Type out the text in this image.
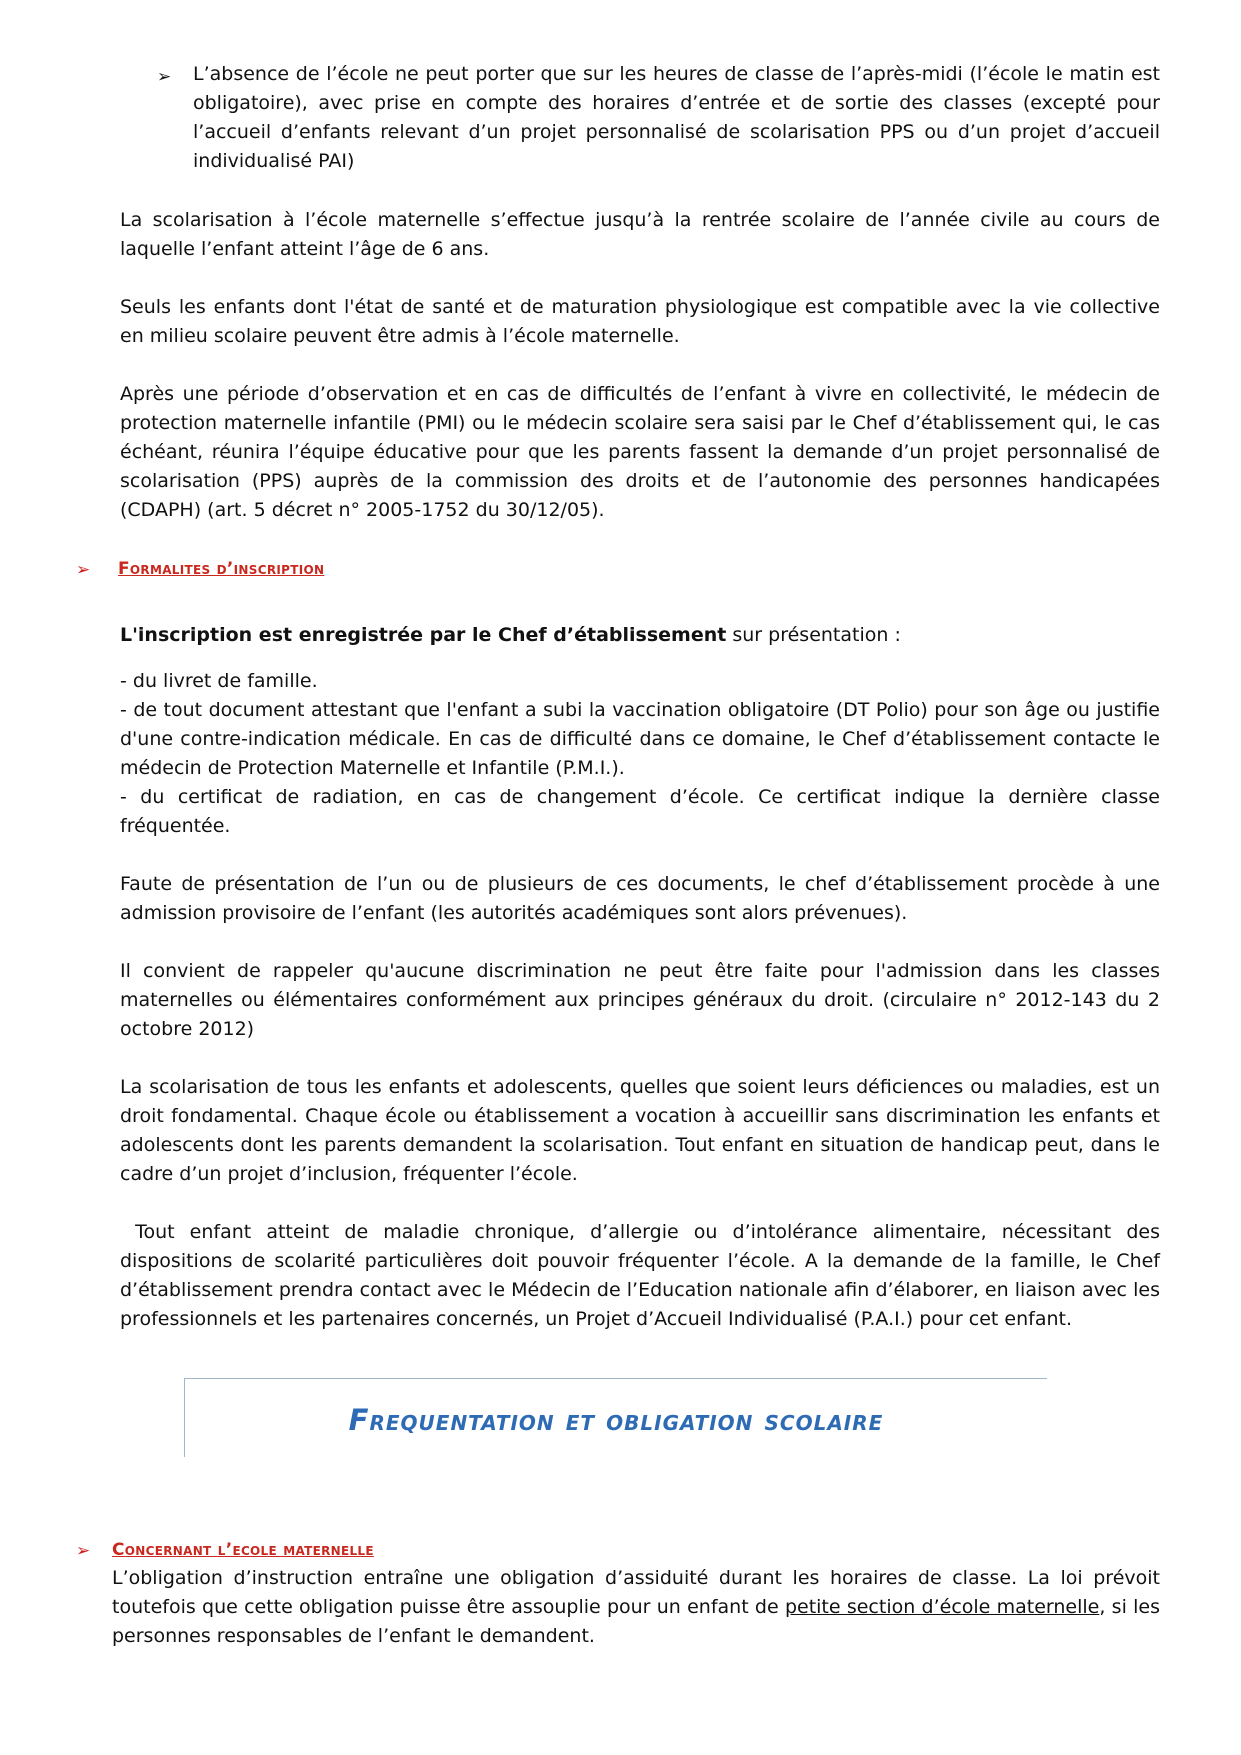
➢ L’absence de l’école ne peut porter que sur les heures de classe de l’après-midi (l’école le matin est obligatoire), avec prise en compte des horaires d’entrée et de sortie des classes (excepté pour l’accueil d’enfants relevant d’un projet personnalisé de scolarisation PPS ou d’un projet d’accueil individualisé PAI)

La scolarisation à l’école maternelle s’effectue jusqu’à la rentrée scolaire de l’année civile au cours de laquelle l’enfant atteint l’âge de 6 ans.

Seuls les enfants dont l'état de santé et de maturation physiologique est compatible avec la vie collective en milieu scolaire peuvent être admis à l’école maternelle.

Après une période d’observation et en cas de difficultés de l’enfant à vivre en collectivité, le médecin de protection maternelle infantile (PMI) ou le médecin scolaire sera saisi par le Chef d’établissement qui, le cas échéant, réunira l’équipe éducative pour que les parents fassent la demande d’un projet personnalisé de scolarisation (PPS) auprès de la commission des droits et de l’autonomie des personnes handicapées (CDAPH) (art. 5 décret n° 2005-1752 du 30/12/05).

➢ Formalites d’inscription

L'inscription est enregistrée par le Chef d’établissement sur présentation :

- du livret de famille.
- de tout document attestant que l'enfant a subi la vaccination obligatoire (DT Polio) pour son âge ou justifie d'une contre-indication médicale. En cas de difficulté dans ce domaine, le Chef d’établissement contacte le médecin de Protection Maternelle et Infantile (P.M.I.).
- du certificat de radiation, en cas de changement d’école. Ce certificat indique la dernière classe fréquentée.

Faute de présentation de l’un ou de plusieurs de ces documents, le chef d’établissement procède à une admission provisoire de l’enfant (les autorités académiques sont alors prévenues).

Il convient de rappeler qu'aucune discrimination ne peut être faite pour l'admission dans les classes maternelles ou élémentaires conformément aux principes généraux du droit. (circulaire n° 2012-143 du 2 octobre 2012)

La scolarisation de tous les enfants et adolescents, quelles que soient leurs déficiences ou maladies, est un droit fondamental. Chaque école ou établissement a vocation à accueillir sans discrimination les enfants et adolescents dont les parents demandent la scolarisation. Tout enfant en situation de handicap peut, dans le cadre d’un projet d’inclusion, fréquenter l’école.

Tout enfant atteint de maladie chronique, d’allergie ou d’intolérance alimentaire, nécessitant des dispositions de scolarité particulières doit pouvoir fréquenter l’école. A la demande de la famille, le Chef d’établissement prendra contact avec le Médecin de l’Education nationale afin d’élaborer, en liaison avec les professionnels et les partenaires concernés, un Projet d’Accueil Individualisé (P.A.I.) pour cet enfant.

Frequentation et obligation scolaire
➢ Concernant l’ecole maternelle

L’obligation d’instruction entraîne une obligation d’assiduité durant les horaires de classe. La loi prévoit toutefois que cette obligation puisse être assouplie pour un enfant de petite section d’école maternelle, si les personnes responsables de l’enfant le demandent.
